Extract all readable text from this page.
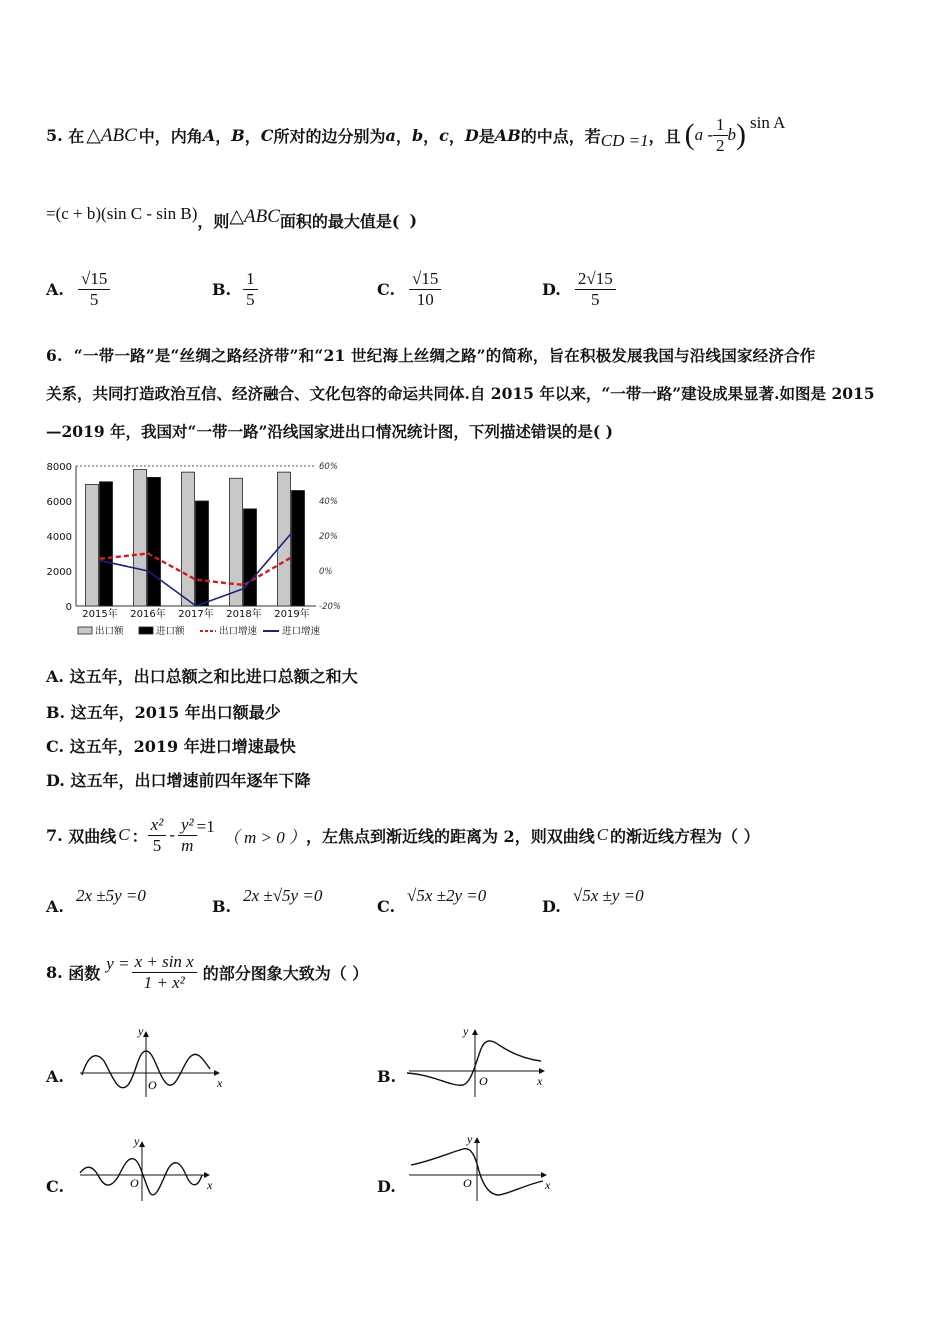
5.
在 △ABC 中，内角 A ， B ， C 所对的边分别为 a ， b ， c ， D 是 AB 的中点，若 CD =1 ，且 ( a - $\frac{1}{2}$ b ) sin A
=(c + b)(sin C - sin B) ，则 △ABC 面积的最大值是( )
A. $\frac{√15}{5}$	B. $\frac{1}{5}$	C. $\frac{√15}{10}$	D. $\frac{2√15}{5}$
6. “一带一路”是“丝绸之路经济带”和“21 世纪海上丝绸之路”的简称，旨在积极发展我国与沿线国家经济合作
关系，共同打造政治互信、经济融合、文化包容的命运共同体.自 2015 年以来，“一带一路”建设成果显著.如图是 2015
—2019 年，我国对“一带一路”沿线国家进出口情况统计图，下列描述错误的是( )
0
2000
4000
6000
8000
-20%
0%
20%
40%
60%
2015年 2016年 2017年 2018年 2019年
出口额	进口额	出口增速	进口增速
A. 这五年，出口总额之和比进口总额之和大
B. 这五年，2015 年出口额最少
C. 这五年，2019 年进口增速最快
D. 这五年，出口增速前四年逐年下降
7.
双曲线 C ： $\frac{\text{x²}}{5} - \frac{\text{y²}}{m} =1$
（ m > 0 ） ，左焦点到渐近线的距离为 2，则双曲线 C 的渐近线方程为（ ）
A.
2x ±5y =0
B.
2x ±√5y =0
C.
√5x ±2y =0
D.
√5x ±y =0
8.
函数 $y = \frac{\text{x + sin x}}{\text{1 + x²}}$ 的部分图象大致为（ ）
A.
y
x
O	B.
y
x
O
C.
y
x
O	D.
y
x
O
